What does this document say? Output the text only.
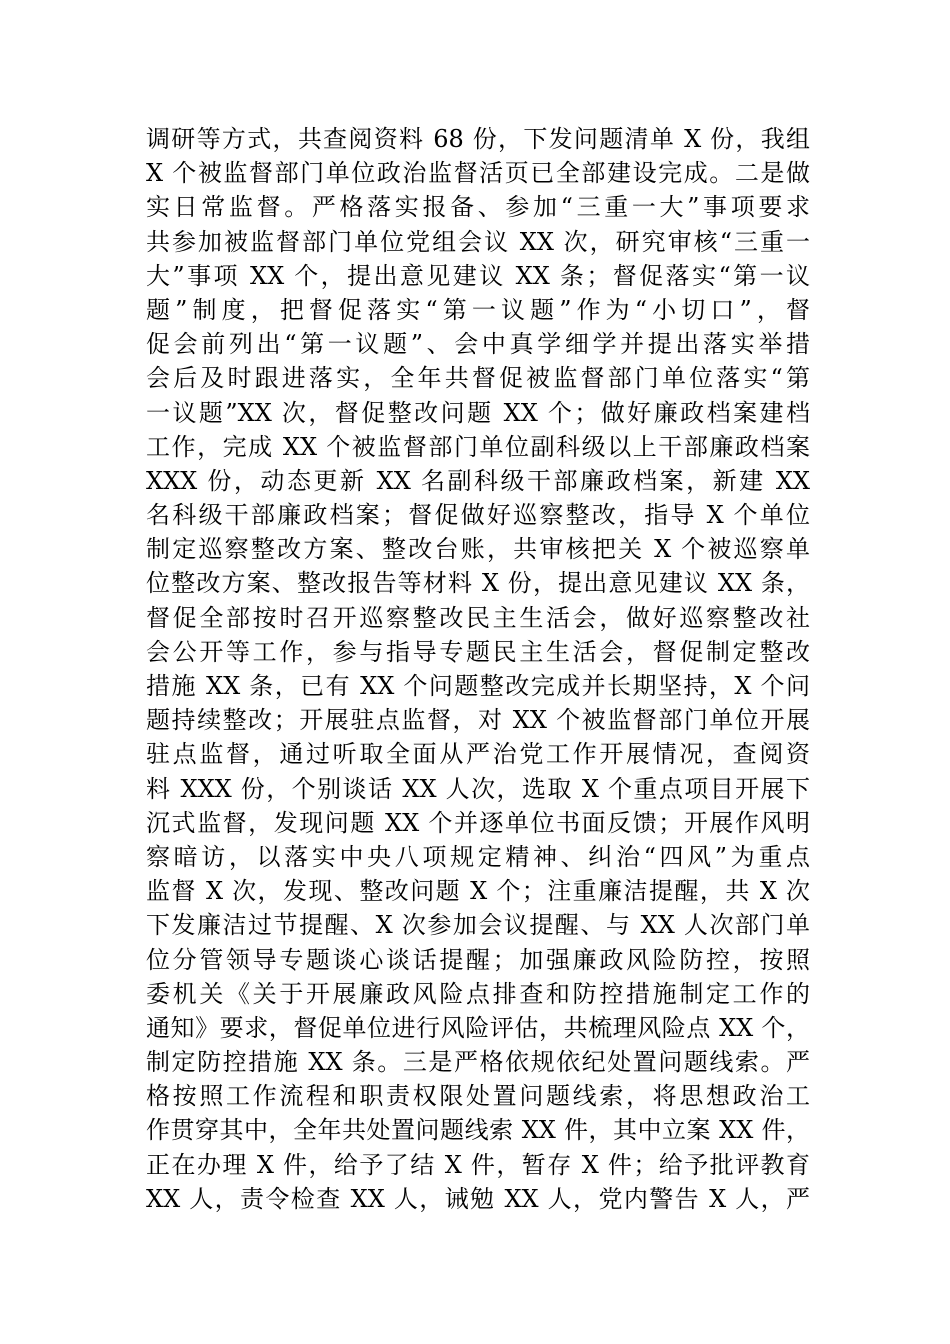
调研等方式，共查阅资料 68 份，下发问题清单 X 份，我组
X 个被监督部门单位政治监督活页已全部建设完成。二是做
实日常监督。严格落实报备、参加“三重一大”事项要求
共参加被监督部门单位党组会议 XX 次，研究审核“三重一
大”事项 XX 个，提出意见建议 XX 条；督促落实“第一议
题”制度，把督促落实“第一议题”作为“小切口”，督
促会前列出“第一议题”、会中真学细学并提出落实举措
会后及时跟进落实，全年共督促被监督部门单位落实“第
一议题”XX 次，督促整改问题 XX 个；做好廉政档案建档
工作，完成 XX 个被监督部门单位副科级以上干部廉政档案
XXX 份，动态更新 XX 名副科级干部廉政档案，新建 XX
名科级干部廉政档案；督促做好巡察整改，指导 X 个单位
制定巡察整改方案、整改台账，共审核把关 X 个被巡察单
位整改方案、整改报告等材料 X 份，提出意见建议 XX 条，
督促全部按时召开巡察整改民主生活会，做好巡察整改社
会公开等工作，参与指导专题民主生活会，督促制定整改
措施 XX 条，已有 XX 个问题整改完成并长期坚持，X 个问
题持续整改；开展驻点监督，对 XX 个被监督部门单位开展
驻点监督，通过听取全面从严治党工作开展情况，查阅资
料 XXX 份，个别谈话 XX 人次，选取 X 个重点项目开展下
沉式监督，发现问题 XX 个并逐单位书面反馈；开展作风明
察暗访，以落实中央八项规定精神、纠治“四风”为重点
监督 X 次，发现、整改问题 X 个；注重廉洁提醒，共 X 次
下发廉洁过节提醒、X 次参加会议提醒、与 XX 人次部门单
位分管领导专题谈心谈话提醒；加强廉政风险防控，按照
委机关《关于开展廉政风险点排查和防控措施制定工作的
通知》要求，督促单位进行风险评估，共梳理风险点 XX 个，
制定防控措施 XX 条。三是严格依规依纪处置问题线索。严
格按照工作流程和职责权限处置问题线索，将思想政治工
作贯穿其中，全年共处置问题线索 XX 件，其中立案 XX 件，
正在办理 X 件，给予了结 X 件，暂存 X 件；给予批评教育
XX 人，责令检查 XX 人，诫勉 XX 人，党内警告 X 人，严
